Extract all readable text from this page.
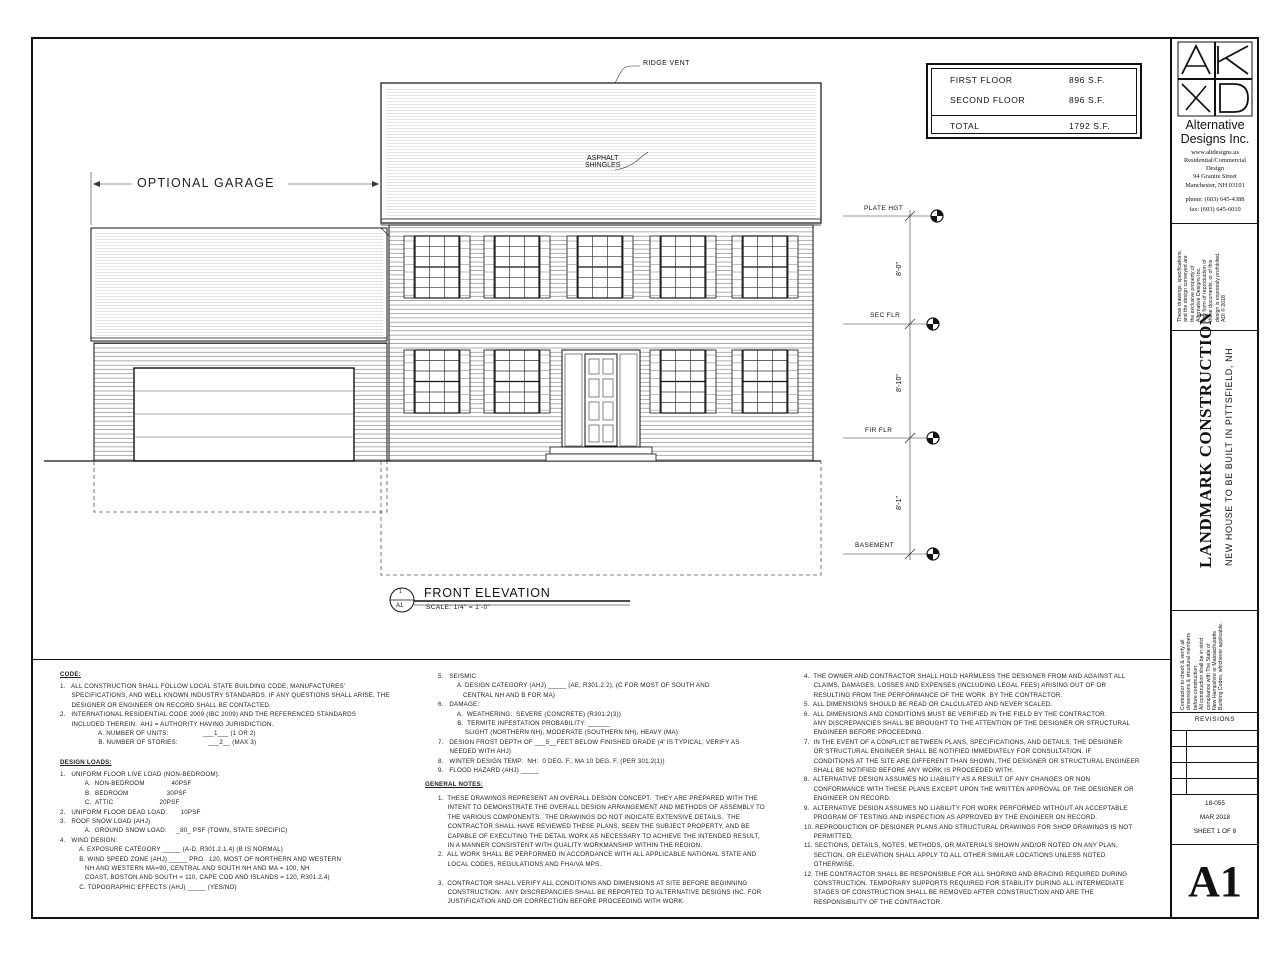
RIDGE VENT
ASPHALT
SHINGLES
OPTIONAL GARAGE
PLATE HGT
SEC FLR
FIR FLR
BASEMENT
8'-0"
8'-10"
8'-1"
1
A1
FRONT ELEVATION
SCALE: 1/4" = 1'-0"
FIRST FLOOR	896 S.F.
SECOND FLOOR	896 S.F.
TOTAL	1792 S.F.
CODE:
1.   ALL CONSTRUCTION SHALL FOLLOW LOCAL STATE BUILDING CODE, MANUFACTURES'
SPECIFICATIONS, AND WELL KNOWN INDUSTRY STANDARDS. IF ANY QUESTIONS SHALL ARISE, THE
DESIGNER OR ENGINEER ON RECORD SHALL BE CONTACTED.
2.   INTERNATIONAL RESIDENTIAL CODE 2009 (IBC 2009) AND THE REFERENCED STANDARDS
INCLUDED THEREIN.  AHJ = AUTHORITY HAVING JURISDICTION.
A. NUMBER OF UNITS:                  ___1___ (1 OR 2)
B. NUMBER OF STORIES:                ___2__ (MAX 3)
DESIGN LOADS:
1.   UNIFORM FLOOR LIVE LOAD (NON-BEDROOM):
A.  NON-BEDROOM              40PSF
B.  BEDROOM                    30PSF
C.  ATTIC                        20PSF
2.   UNIFORM FLOOR DEAD LOAD:       10PSF
3.   ROOF SNOW LOAD (AHJ)
A.  GROUND SNOW LOAD:     _80_ PSF (TOWN, STATE SPECIFIC)
4.   WIND DESIGN:
A. EXPOSURE CATEGORY _____ (A-D, R301.2.1.4) (B IS NORMAL)
B. WIND SPEED ZONE (AHJ) _____ PRO   120, MOST OF NORTHERN AND WESTERN
NH AND WESTERN MA=90, CENTRAL AND SOUTH NH AND MA = 100, NH
COAST, BOSTON AND SOUTH = 110, CAPE COD AND ISLANDS = 120, R301.2.4)
C. TOPOGRAPHIC EFFECTS (AHJ) _____ (YES/NO)
5.   SEISMIC
A. DESIGN CATEGORY (AHJ) _____ (AE, R301.2.2), (C FOR MOST OF SOUTH AND
CENTRAL NH AND B FOR MA)
6.   DAMAGE:
A.  WEATHERING:  SEVERE (CONCRETE) (R301.2(3))
B.  TERMITE INFESTATION PROBABILITY: ______
SLIGHT (NORTHERN NH), MODERATE (SOUTHERN NH), HEAVY (MA)
7.   DESIGN FROST DEPTH OF ___5__FEET BELOW FINISHED GRADE (4' IS TYPICAL; VERIFY AS
NEEDED WITH AHJ)
8.   WINTER DESIGN TEMP:  NH:  0 DEG. F., MA 10 DEG. F. (PER 301.2(1))
9.   FLOOD HAZARD (AHJ) _____
GENERAL NOTES:
1.  THESE DRAWINGS REPRESENT AN OVERALL DESIGN CONCEPT.  THEY ARE PREPARED WITH THE
INTENT TO DEMONSTRATE THE OVERALL DESIGN ARRANGEMENT AND METHODS OF ASSEMBLY TO
THE VARIOUS COMPONENTS.  THE DRAWINGS DO NOT INDICATE EXTENSIVE DETAILS.  THE
CONTRACTOR SHALL HAVE REVIEWED THESE PLANS, SEEN THE SUBJECT PROPERTY, AND BE
CAPABLE OF EXECUTING THE DETAIL WORK AS NECESSARY TO ACHIEVE THE INTENDED RESULT,
IN A MANNER CONSISTENT WITH QUALITY WORKMANSHIP WITHIN THE REGION.
2.  ALL WORK SHALL BE PERFORMED IN ACCORDANCE WITH ALL APPLICABLE NATIONAL STATE AND
LOCAL CODES, REGULATIONS AND FHA/VA MPS.

3.  CONTRACTOR SHALL VERIFY ALL CONDITIONS AND DIMENSIONS AT SITE BEFORE BEGINNING
CONSTRUCTION.  ANY DISCREPANCIES SHALL BE REPORTED TO ALTERNATIVE DESIGNS INC. FOR
JUSTIFICATION AND OR CORRECTION BEFORE PROCEEDING WITH WORK.
4.  THE OWNER AND CONTRACTOR SHALL HOLD HARMLESS THE DESIGNER FROM AND AGAINST ALL
CLAIMS, DAMAGES, LOSSES AND EXPENSES (INCLUDING LEGAL FEES) ARISING OUT OF OR
RESULTING FROM THE PERFORMANCE OF THE WORK  BY THE CONTRACTOR.
5.  ALL DIMENSIONS SHOULD BE READ OR CALCULATED AND NEVER SCALED.
6.  ALL DIMENSIONS AND CONDITIONS MUST BE VERIFIED IN THE FIELD BY THE CONTRACTOR.
ANY DISCREPANCIES SHALL BE BROUGHT TO THE ATTENTION OF THE DESIGNER OR STRUCTURAL
ENGINEER BEFORE PROCEEDING.
7.  IN THE EVENT OF A CONFLICT BETWEEN PLANS, SPECIFICATIONS, AND DETAILS, THE DESIGNER
OR STRUCTURAL ENGINEER SHALL BE NOTIFIED IMMEDIATELY FOR CONSULTATION. IF
CONDITIONS AT THE SITE ARE DIFFERENT THAN SHOWN, THE DESIGNER OR STRUCTURAL ENGINEER
SHALL BE NOTIFIED BEFORE ANY WORK IS PROCEEDED WITH.
8.  ALTERNATIVE DESIGN ASSUMES NO LIABILITY AS A RESULT OF ANY CHANGES OR NON
CONFORMANCE WITH THESE PLANS EXCEPT UPON THE WRITTEN APPROVAL OF THE DESIGNER OR
ENGINEER ON RECORD.
9.  ALTERNATIVE DESIGN ASSUMES NO LIABILITY FOR WORK PERFORMED WITHOUT AN ACCEPTABLE
PROGRAM OF TESTING AND INSPECTION AS APPROVED BY THE ENGINEER ON RECORD.
10. REPRODUCTION OF DESIGNER PLANS AND STRUCTURAL DRAWINGS FOR SHOP DRAWINGS IS NOT
PERMITTED.
11. SECTIONS, DETAILS, NOTES, METHODS, OR MATERIALS SHOWN AND/OR NOTED ON ANY PLAN,
SECTION, OR ELEVATION SHALL APPLY TO ALL OTHER SIMILAR LOCATIONS UNLESS NOTED
OTHERWISE.
12. THE CONTRACTOR SHALL BE RESPONSIBLE FOR ALL SHORING AND BRACING REQUIRED DURING
CONSTRUCTION. TEMPORARY SUPPORTS REQUIRED FOR STABILITY DURING ALL INTERMEDIATE
STAGES OF CONSTRUCTION SHALL BE REMOVED AFTER CONSTRUCTION AND ARE THE
RESPONSIBILITY OF THE CONTRACTOR.
Alternative
Designs Inc.
www.altdesigns.us
Residential/Commercial
Design
94 Granite Street
Manchester, NH 03101
phone: (603) 645-4388
fax: (603) 645-6010
These drawings, specifications,
and the design conveyed are
the exclusive property of
Alternative Designs Inc.
Any form of reproduction of
these documents, or of this
design is expressly prohibited.
ADI © 2018
LANDMARK CONSTRUCTION NEW HOUSE TO BE BUILT IN PITTSFIELD, NH
Contractor to check & verify all
dimensions & structural members
before construction.
All construction shall be in strict
compliance with The State of
New Hampshire or Massachusetts
Building Codes, whichever applicable.
REVISIONS
18-055
MAR 2018
SHEET 1 OF 8
A1
